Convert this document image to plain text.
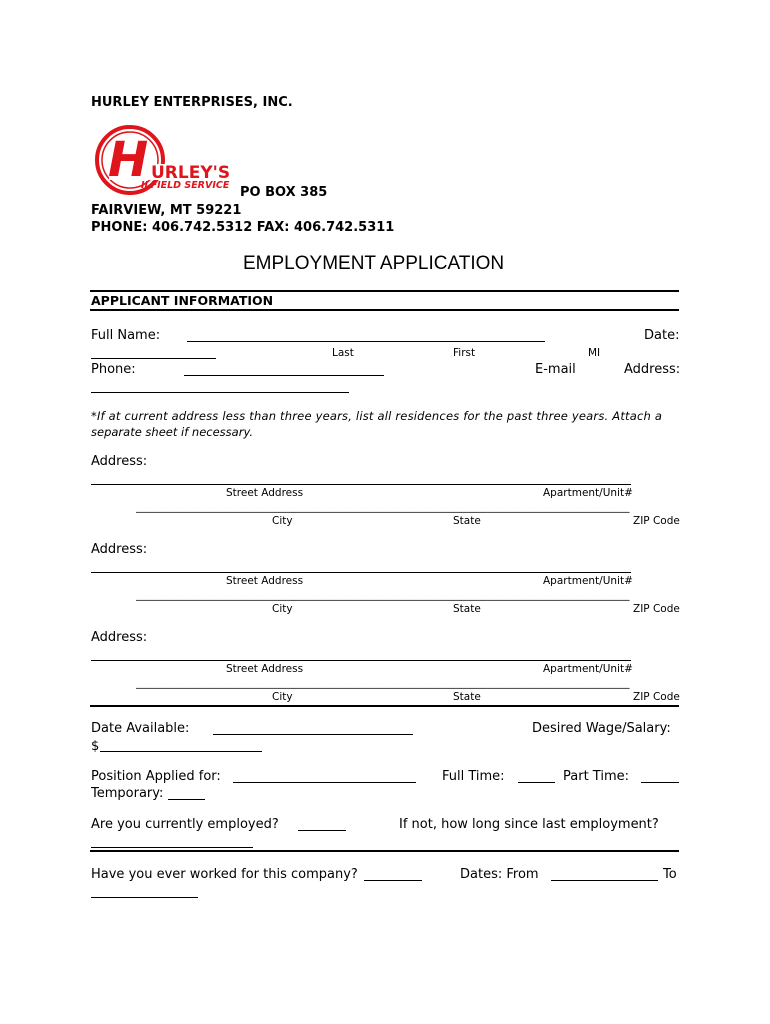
HURLEY ENTERPRISES, INC.
H URLEY'S
ILFIELD SERVICE PO BOX 385
FAIRVIEW, MT 59221
PHONE: 406.742.5312 FAX: 406.742.5311
EMPLOYMENT APPLICATION
APPLICANT INFORMATION
Full Name:	Date:
Last	First	MI
Phone:	E-mail	Address:
*If at current address less than three years, list all residences for the past three years. Attach a
separate sheet if necessary.
Address:
Street Address	Apartment/Unit#
______________________________________________________________________________________________
City	State	ZIP Code
Address:
Street Address	Apartment/Unit#
______________________________________________________________________________________________
City	State	ZIP Code
Address:
Street Address	Apartment/Unit#
______________________________________________________________________________________________
City	State	ZIP Code
Date Available:	Desired Wage/Salary:
$
Position Applied for:	Full Time:	Part Time:
Temporary:
Are you currently employed?	If not, how long since last employment?
Have you ever worked for this company?	Dates: From	To
